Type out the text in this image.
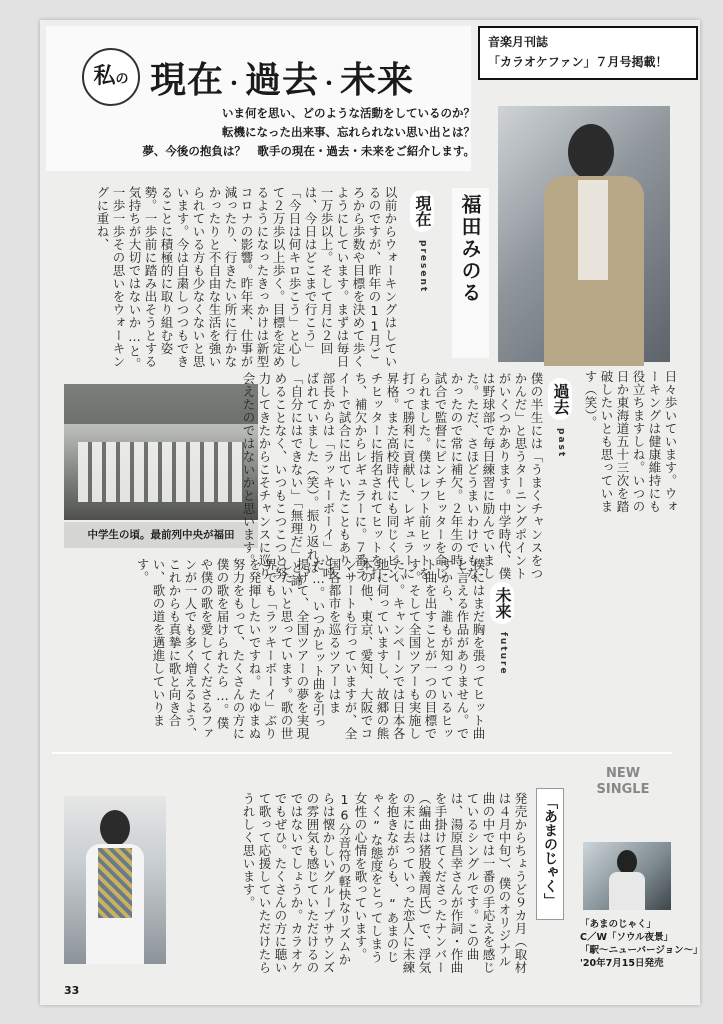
私の 現在・過去・未来
いま何を思い、どのような活動をしているのか？
転機になった出来事、忘れられない思い出とは？
夢、今後の抱負は？　歌手の現在・過去・未来をご紹介します。
音楽月刊誌
「カラオケファン」７月号掲載！
福田みのる
現在
present
以前からウォーキングはしているのですが、昨年の11月ごろから歩数や目標を決めて歩くようにしています。まずは毎日一万歩以上。そして月に２回は、今日はどこまで行こう」「今日は何キロ歩こう」と心して２万歩以上歩く。目標を定めるようになったきっかけは新型コロナの影響。昨年来、仕事が減ったり、行きたい所に行かなかったりと不自由な生活を強いられている方も少なくないと思います。今は自粛しつつもできることに積極的に取り組む姿勢。一歩前に踏み出そうとする気持ちが大切ではないか…と。一歩一歩その思いをウォーキングに重ね、
日々歩いています。ウォーキングは健康維持にも役立ちますしね。いつの日か東海道五十三次を踏破したいとも思っています（笑）。
中学生の頃。最前列中央が福田
過去
past
僕の半生には「うまくチャンスをつかんだ」と思うターニングポイントがいくつかあります。中学時代、僕は野球部で毎日練習に励んでいました。ただ、さほどうまいわけでもなかったので常に補欠。２年生の時、試合で監督にピンチヒッターを命じられました。僕はレフト前ヒットを打って勝利に貢献し、レギュラーに昇格。また高校時代にも同じくピンチヒッターに指名されてヒットを打ち、補欠からレギュラーに。７番ライトで試合に出ていたこともあり、部長からは「ラッキーボーイ」と呼ばれていました（笑）。振り返れば「自分にはできない」「無理だ」と諦めることなく、いつもこつこつと努力してきたからこそチャンスに巡り会えたのではないかと思います。
未来
future
僕にはまだ胸を張ってヒット曲と言える作品がありません。ですから、誰もが知っているヒット曲を出すことが一つの目標です。そして全国ツアーも実施したい。キャンペーンでは日本各地に伺っていますし、故郷の熊本の他、東京、愛知、大阪でコンサートも行っていますが、全国各都市を巡るツアーはまだ…。いつかヒット曲を引っ提げて、全国ツアーの夢を実現したいと思っています。歌の世界でも「ラッキーボーイ」ぶりを発揮したいですね。たゆまぬ努力をもって、たくさんの方に僕の歌を届けられたら…。僕や僕の歌を愛してくださるファンが一人でも多く増えるよう、これからも真摯に歌と向き合い、歌の道を邁進していります。
NEW
SINGLE
「あまのじゃく」
発売からちょうど９カ月（取材は４月中旬）、僕のオリジナル曲の中では一番の手応えを感じているシングルです。この曲は、湯原昌幸さんが作詞・作曲を手掛けてくださったナンバー（編曲は猪股義周氏）で、浮気の末に去っていった恋人に未練を抱きながらも、“あまのじゃく”な態度をとってしまう女性の心情を歌っています。16分音符の軽快なリズムからは懐かしいグループサウンズの雰囲気も感じていただけるのではないでしょうか。カラオケでもぜひ。たくさんの方に聴いて歌って応援していただけたらうれしく思います。
「あまのじゃく」
C／W「ソウル夜景」
「駅〜ニューバージョン〜」
'20年7月15日発売
33
